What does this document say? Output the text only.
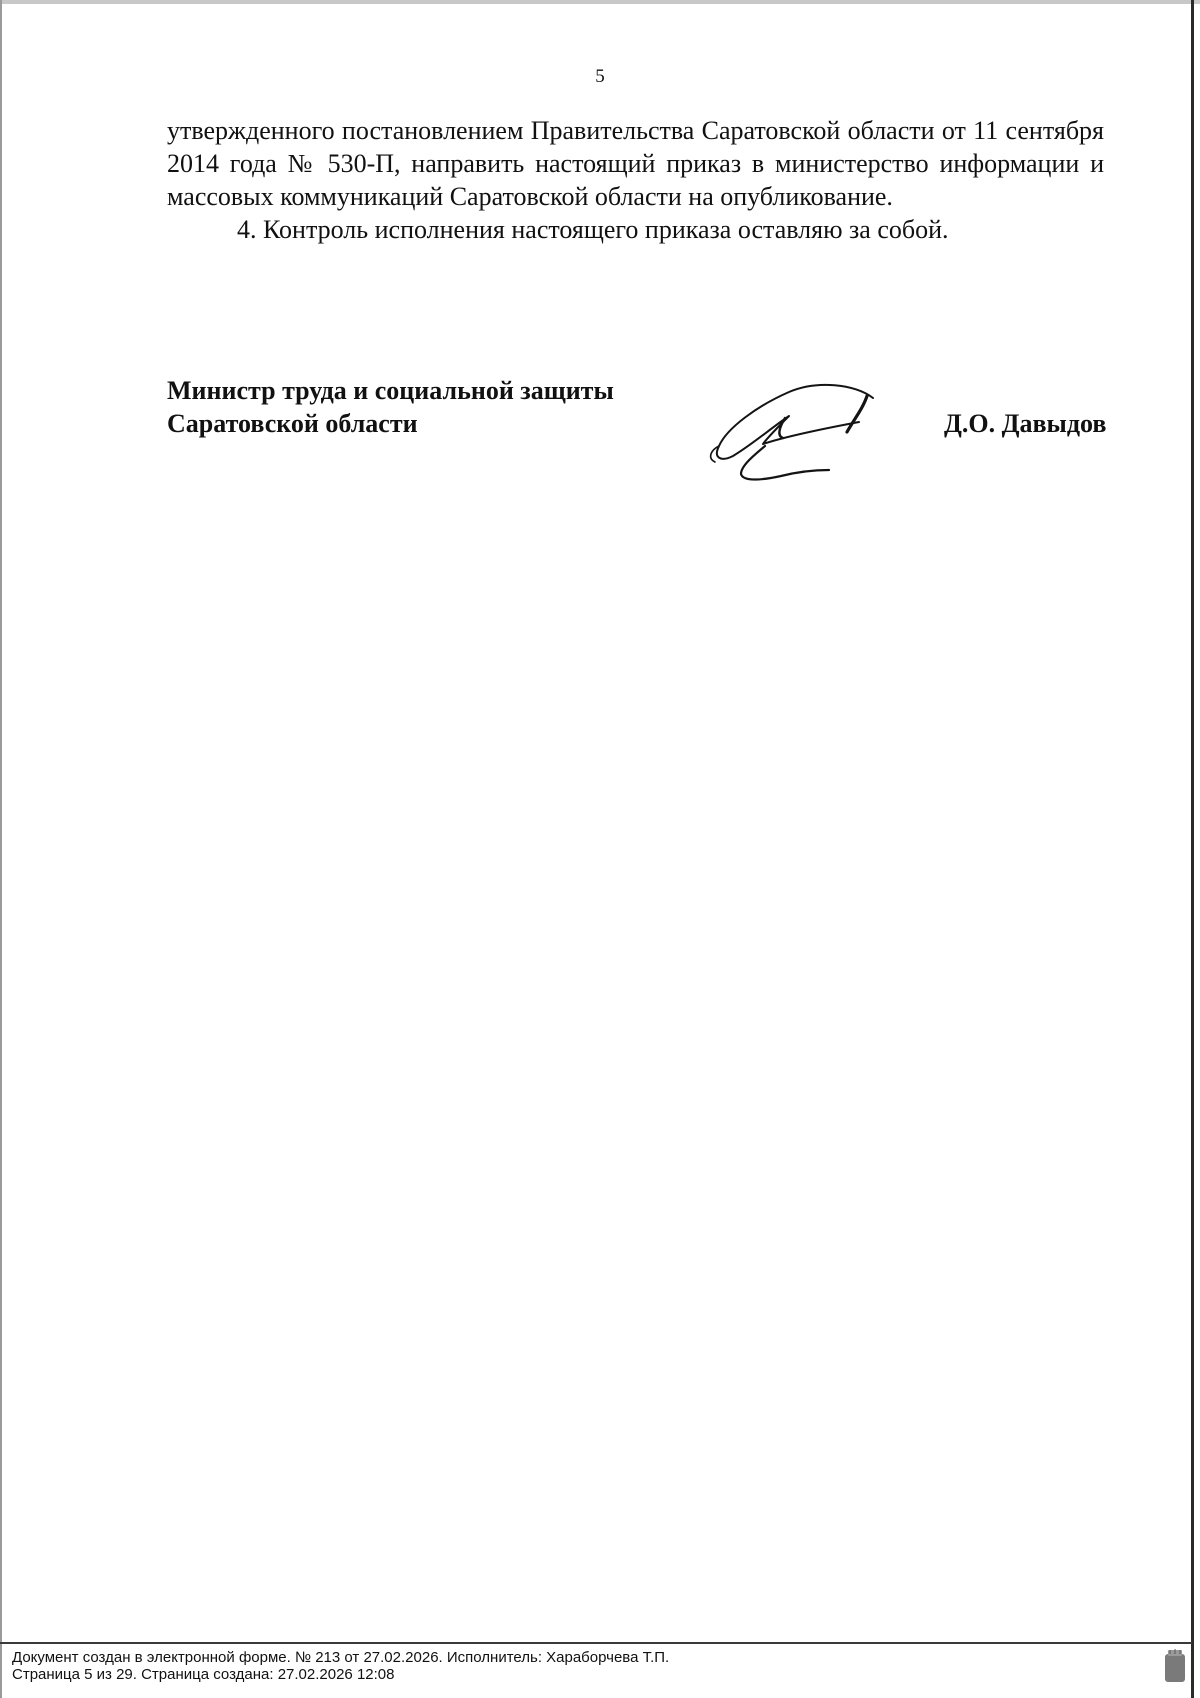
5

утвержденного постановлением Правительства Саратовской области от 11 сентября 2014 года № 530-П, направить настоящий приказ в министерство информации и массовых коммуникаций Саратовской области на опубликование.

4. Контроль исполнения настоящего приказа оставляю за собой.

Министр труда и социальной защиты
Саратовской области	Д.О. Давыдов
Документ создан в электронной форме. № 213 от 27.02.2026. Исполнитель: Хараборчева Т.П.
Страница 5 из 29. Страница создана: 27.02.2026 12:08
